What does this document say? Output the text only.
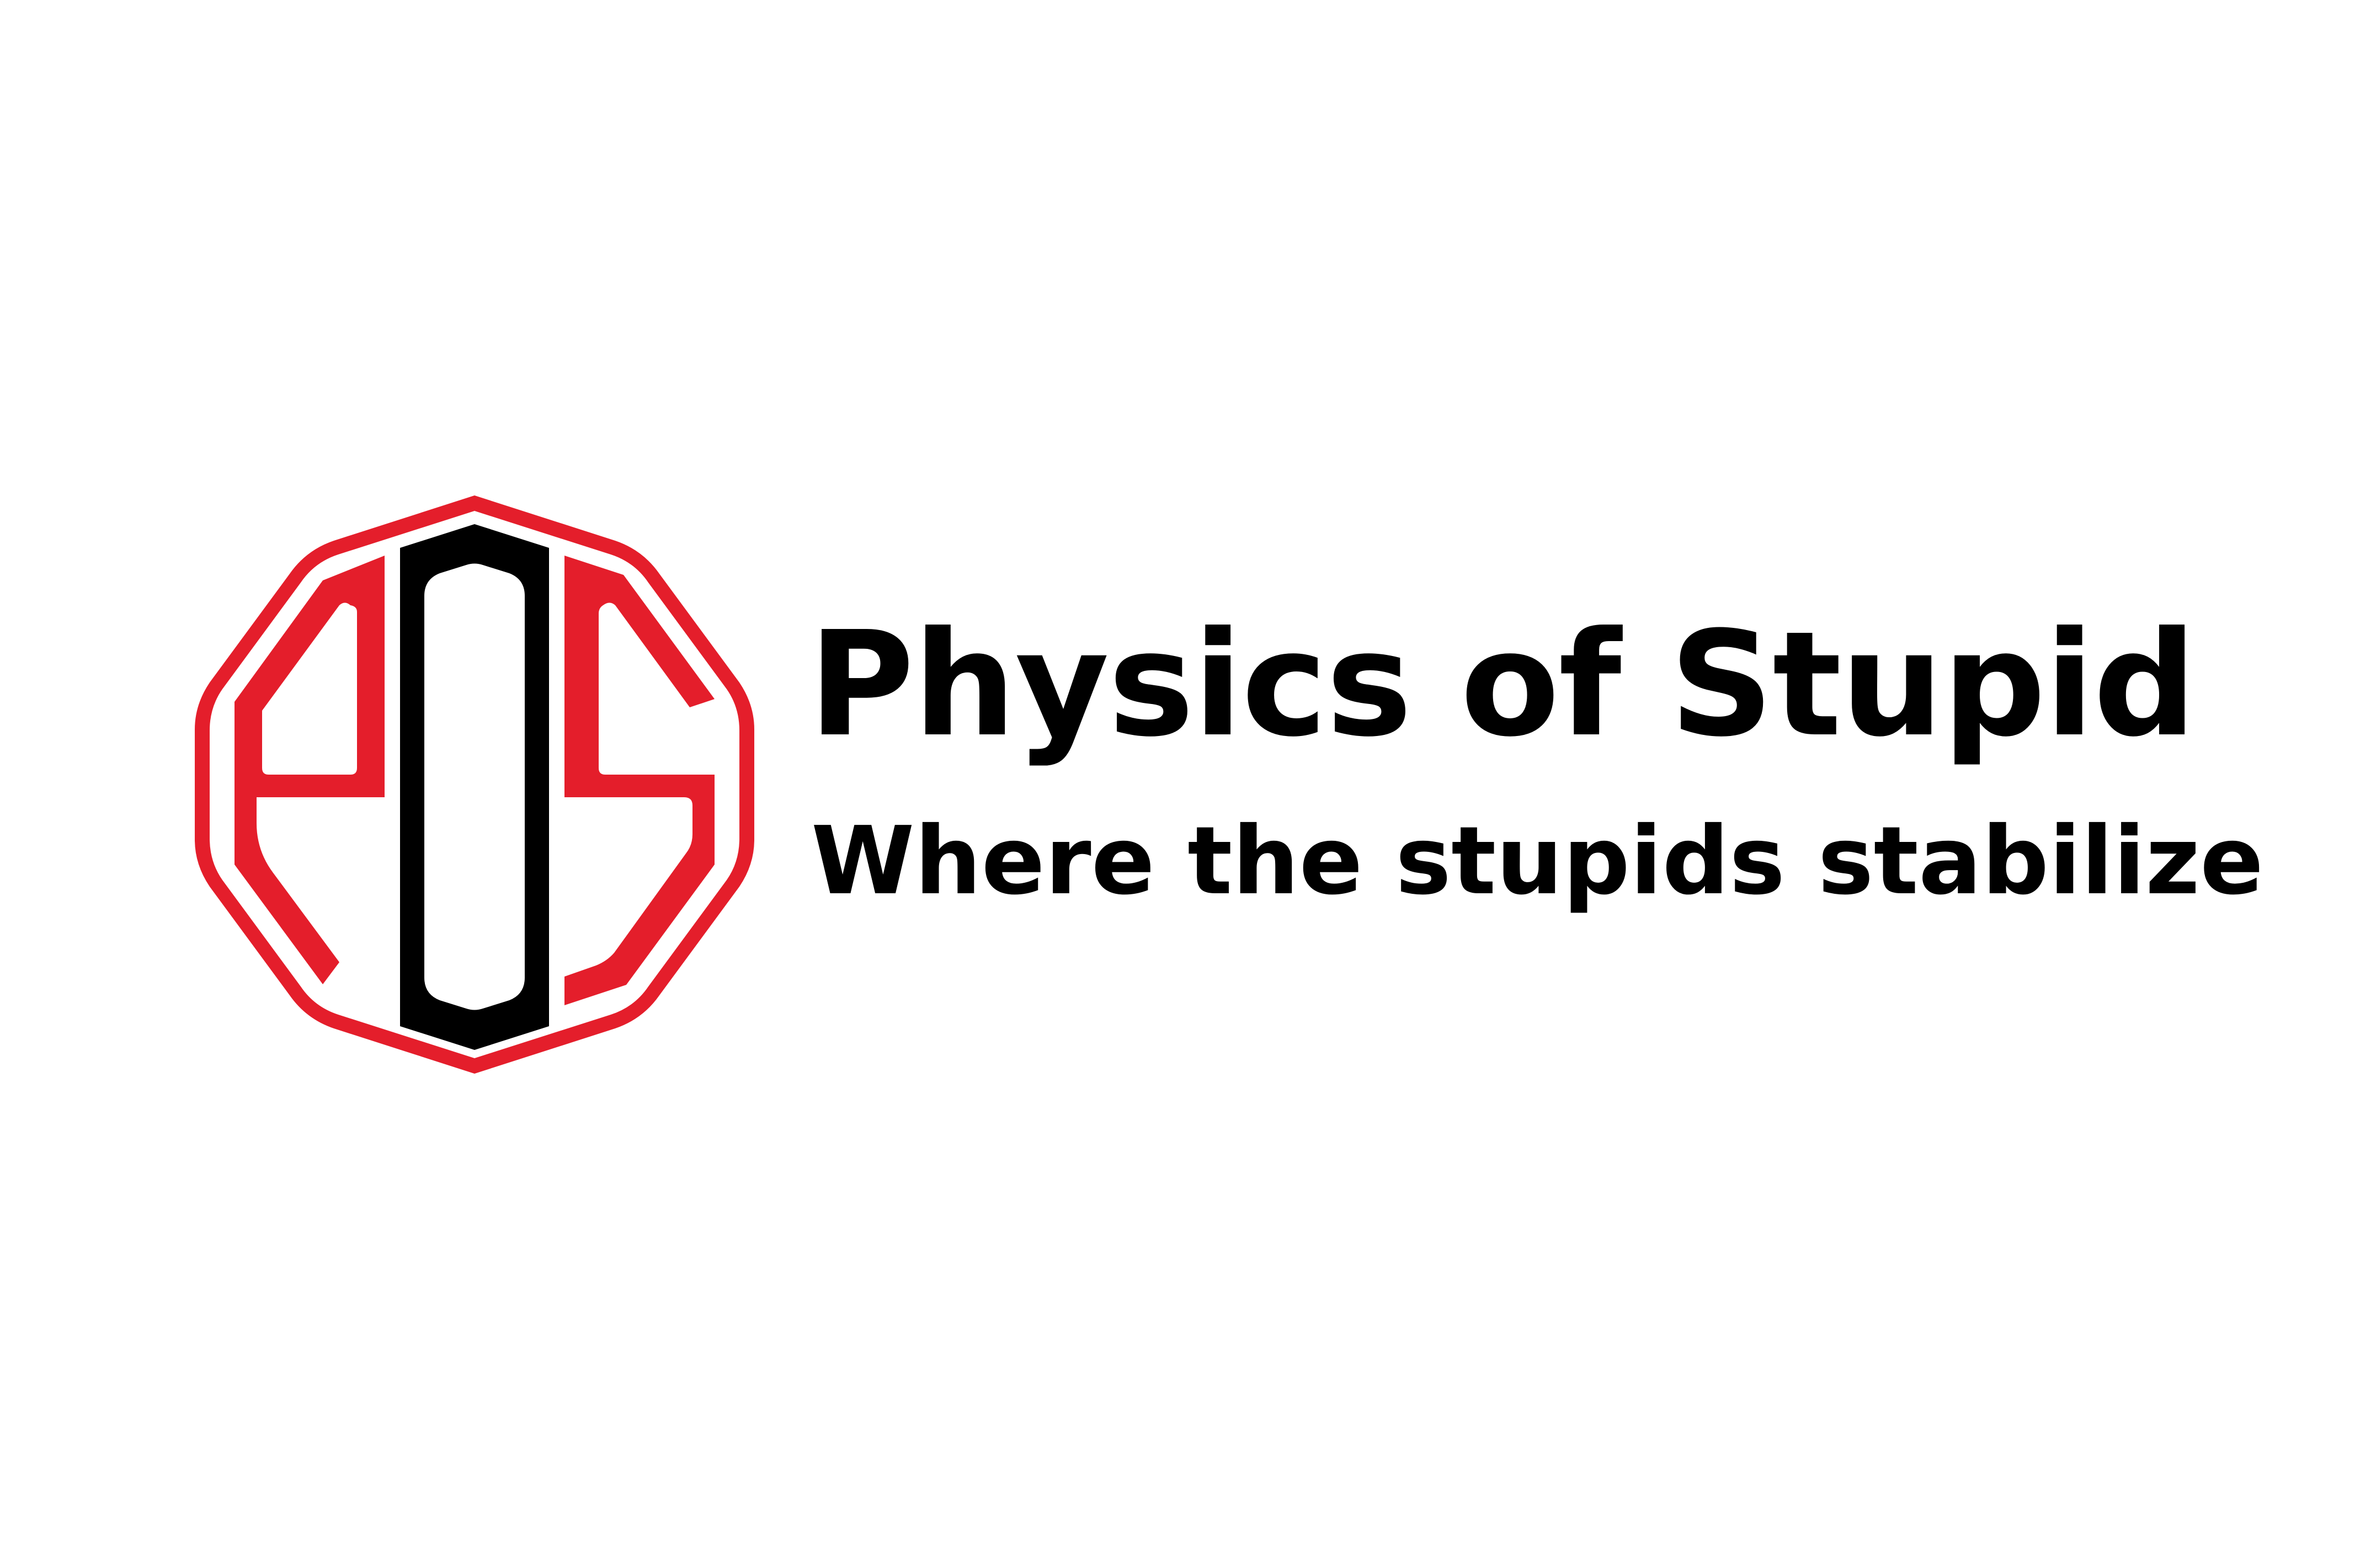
Physics of Stupid
Where the stupids stabilize
